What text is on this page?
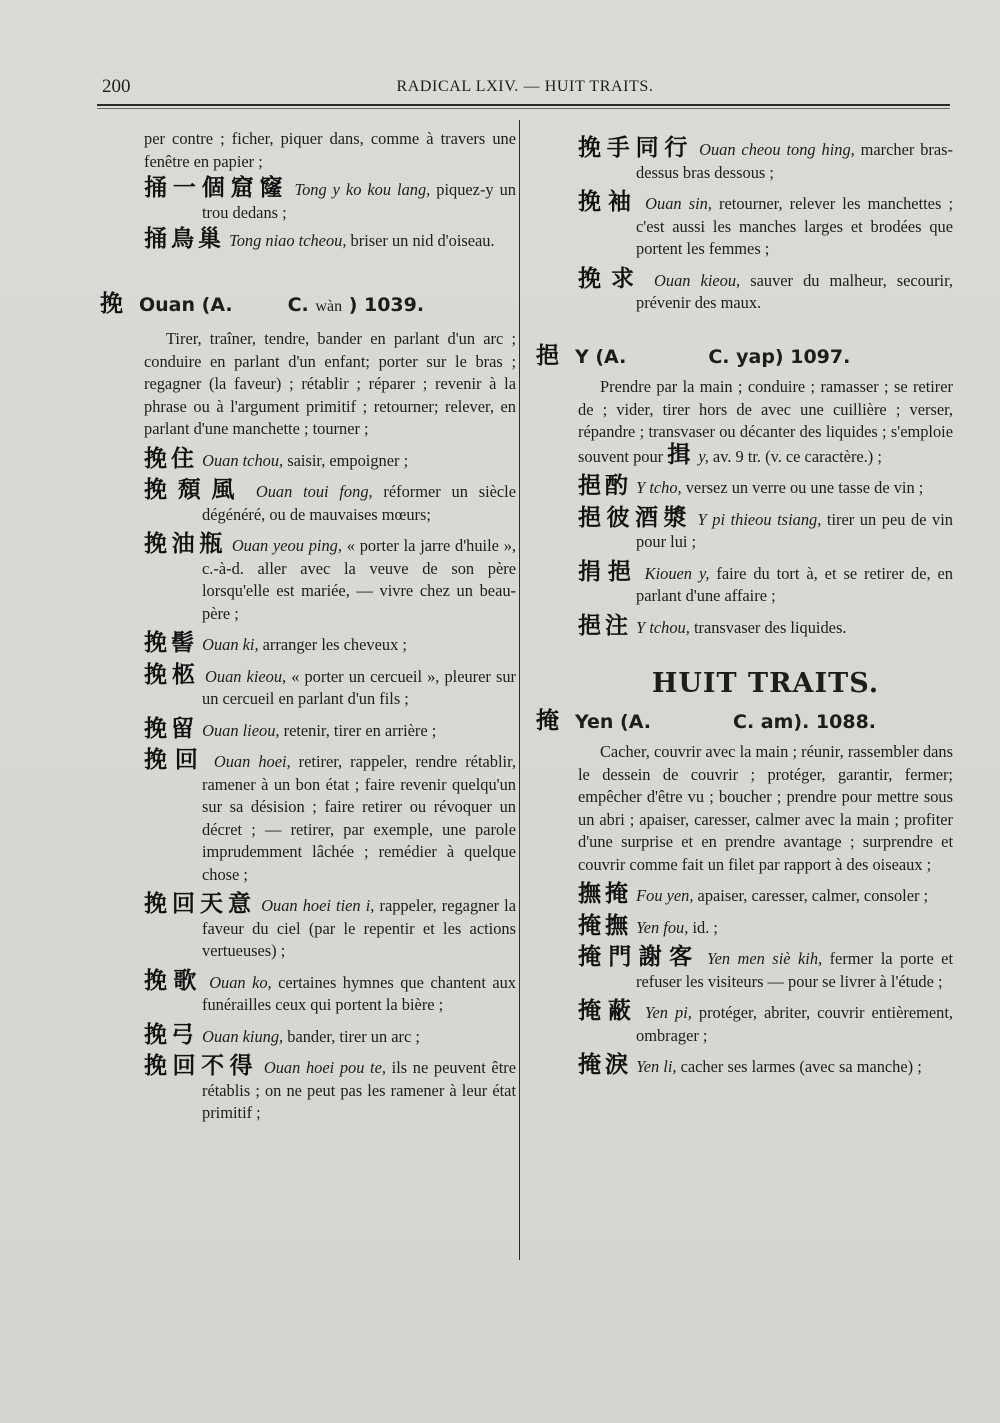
200	RADICAL LXIV. — HUIT TRAITS.
per contre ; ficher, piquer dans, comme à travers une fenêtre en papier ;
捅一個窟窿 Tong y ko kou lang, piquez-y un trou dedans ;
捅鳥巢 Tong niao tcheou, briser un nid d'oiseau.
挽 Ouan (A.	C.
wàn
) 1039.
Tirer, traîner, tendre, bander en parlant d'un arc ; conduire en parlant d'un enfant; porter sur le bras ; regagner (la faveur) ; rétablir ; réparer ; revenir à la phrase ou à l'argument primitif ; retourner; relever, en parlant d'une manchette ; tourner ;
挽住 Ouan tchou, saisir, empoigner ;
挽頹風 Ouan toui fong, réformer un siècle dégénéré, ou de mauvaises mœurs;
挽油瓶 Ouan yeou ping, « porter la jarre d'huile », c.-à-d. aller avec la veuve de son père lorsqu'elle est mariée, — vivre chez un beau-père ;
挽髻 Ouan ki, arranger les cheveux ;
挽柩 Ouan kieou, « porter un cercueil », pleurer sur un cercueil en parlant d'un fils ;
挽留 Ouan lieou, retenir, tirer en arrière ;
挽回 Ouan hoei, retirer, rappeler, rendre rétablir, ramener à un bon état ; faire revenir quelqu'un sur sa désision ; faire retirer ou révoquer un décret ; — retirer, par exemple, une parole imprudemment lâchée ; remédier à quelque chose ;
挽回天意 Ouan hoei tien i, rappeler, regagner la faveur du ciel (par le repentir et les actions vertueuses) ;
挽歌 Ouan ko, certaines hymnes que chantent aux funérailles ceux qui portent la bière ;
挽弓 Ouan kiung, bander, tirer un arc ;
挽回不得 Ouan hoei pou te, ils ne peuvent être rétablis ; on ne peut pas les ramener à leur état primitif ;
挽手同行 Ouan cheou tong hing, marcher bras-dessus bras dessous ;
挽袖 Ouan sin, retourner, relever les manchettes ; c'est aussi les manches larges et brodées que portent les femmes ;
挽求 Ouan kieou, sauver du malheur, secourir, prévenir des maux.
挹 Y (A.	C. yap) 1097.
Prendre par la main ; conduire ; ramasser ; se retirer de ; vider, tirer hors de avec une cuillière ; verser, répandre ; transvaser ou décanter des liquides ; s'emploie souvent pour 揖 y, av. 9 tr. (v. ce caractère.) ;
挹酌 Y tcho, versez un verre ou une tasse de vin ;
挹彼酒漿 Y pi thieou tsiang, tirer un peu de vin pour lui ;
捐挹 Kiouen y, faire du tort à, et se retirer de, en parlant d'une affaire ;
挹注 Y tchou, transvaser des liquides.
HUIT TRAITS.
掩 Yen (A.	C. am). 1088.
Cacher, couvrir avec la main ; réunir, rassembler dans le dessein de couvrir ; protéger, garantir, fermer; empêcher d'être vu ; boucher ; prendre pour mettre sous un abri ; apaiser, caresser, calmer avec la main ; profiter d'une surprise et en prendre avantage ; surprendre et couvrir comme fait un filet par rapport à des oiseaux ;
撫掩 Fou yen, apaiser, caresser, calmer, consoler ;
掩撫 Yen fou, id. ;
掩門謝客 Yen men siè kih, fermer la porte et refuser les visiteurs — pour se livrer à l'étude ;
掩蔽 Yen pi, protéger, abriter, couvrir entièrement, ombrager ;
掩淚 Yen li, cacher ses larmes (avec sa manche) ;
